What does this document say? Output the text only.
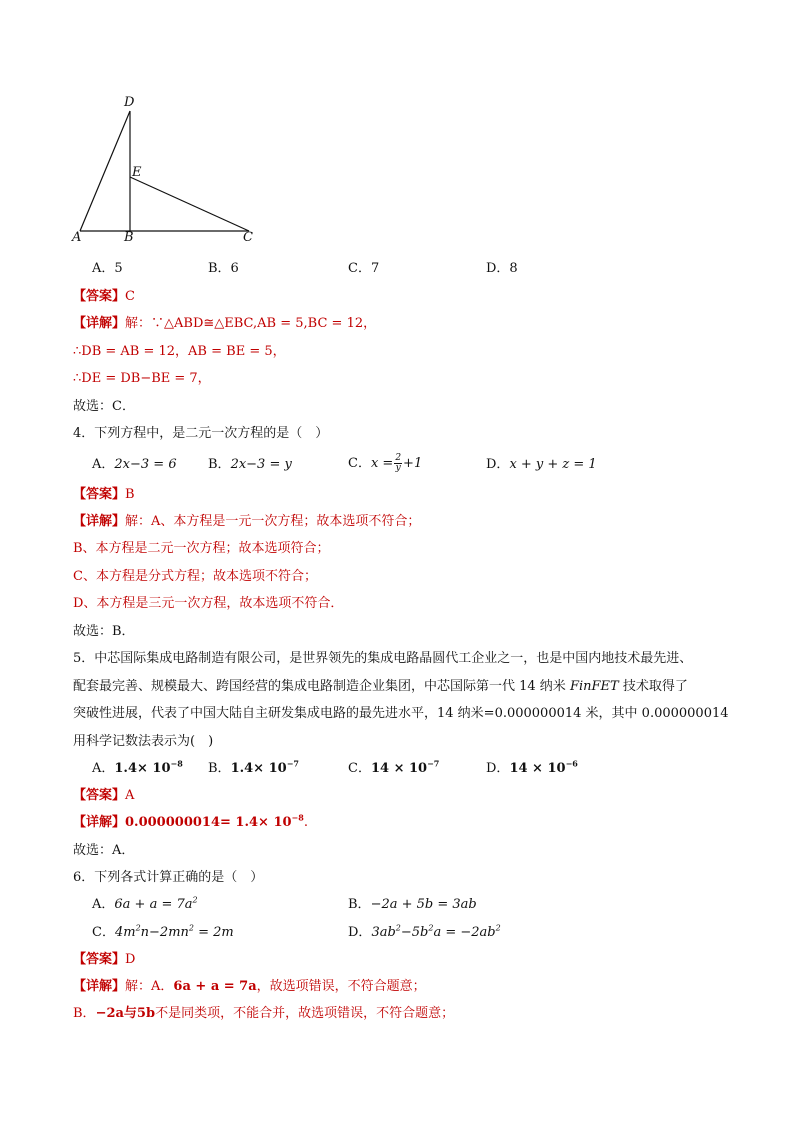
D
E
A	B	C
A．5	B．6	C．7	D．8
【答案】C
【详解】解：∵△ABD≅△EBC,AB = 5,BC = 12，
∴DB = AB = 12，AB = BE = 5，
∴DE = DB−BE = 7，
故选：C．
4．下列方程中，是二元一次方程的是（　）
A．2x−3 = 6 B．2x−3 = y	C．$x = \frac{2}{y} +1$	D．x + y + z = 1
【答案】B
【详解】解：A、本方程是一元一次方程；故本选项不符合；
B、本方程是二元一次方程；故本选项符合；
C、本方程是分式方程；故本选项不符合；
D、本方程是三元一次方程，故本选项不符合．
故选：B．
5．中芯国际集成电路制造有限公司，是世界领先的集成电路晶圆代工企业之一，也是中国内地技术最先进、
配套最完善、规模最大、跨国经营的集成电路制造企业集团，中芯国际第一代 14 纳米 FinFET 技术取得了
突破性进展，代表了中国大陆自主研发集成电路的最先进水平，14 纳米=0.000000014 米，其中 0.000000014
用科学记数法表示为(　)
A．$1.4\times 10^{-8}$ B．$1.4\times 10^{-7}$	C．$14 \times 10^{-7}$	D．$14 \times 10^{-6}$
【答案】A
【详解】$0.000000014= 1.4\times 10^{-8}$.
故选：A．
6．下列各式计算正确的是（　）
A．$6a + a = 7a^2$	B．−2a + 5b = 3ab
C．$4m^2n-2mn^2 = 2m$	D．$3ab^2-5b^2a = -2ab^2$
【答案】D
【详解】解：A．6a + a = 7a，故选项错误，不符合题意；
B．−2a与5b不是同类项，不能合并，故选项错误，不符合题意；
